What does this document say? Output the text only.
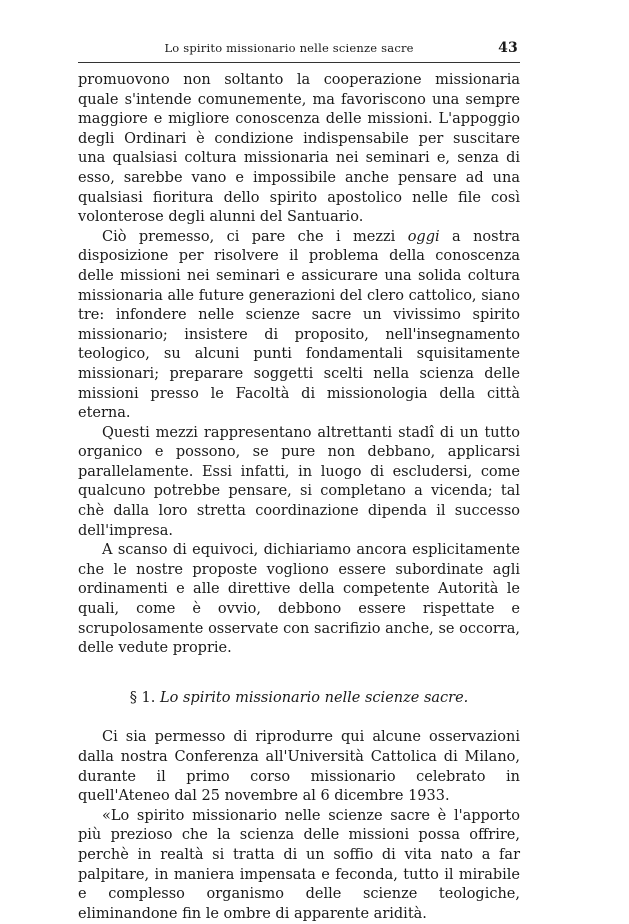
Lo spirito missionario nelle scienze sacre	43

promuovono non soltanto la cooperazione missionaria quale s'intende comunemente, ma favoriscono una sempre maggiore e migliore conoscenza delle missioni. L'appoggio degli Ordinari è condizione indispensabile per suscitare una qualsiasi coltura missionaria nei seminari e, senza di esso, sarebbe vano e impossibile anche pensare ad una qualsiasi fioritura dello spirito apostolico nelle file così volonterose degli alunni del Santuario.

Ciò premesso, ci pare che i mezzi oggi a nostra disposizione per risolvere il problema della conoscenza delle missioni nei seminari e assicurare una solida coltura missionaria alle future generazioni del clero cattolico, siano tre: infondere nelle scienze sacre un vivissimo spirito missionario; insistere di proposito, nell'insegnamento teologico, su alcuni punti fondamentali squisitamente missionari; preparare soggetti scelti nella scienza delle missioni presso le Facoltà di missionologia della città eterna.

Questi mezzi rappresentano altrettanti stadî di un tutto organico e possono, se pure non debbano, applicarsi parallelamente. Essi infatti, in luogo di escludersi, come qualcuno potrebbe pensare, si completano a vicenda; tal chè dalla loro stretta coordinazione dipenda il successo dell'impresa.

A scanso di equivoci, dichiariamo ancora esplicitamente che le nostre proposte vogliono essere subordinate agli ordinamenti e alle direttive della competente Autorità le quali, come è ovvio, debbono essere rispettate e scrupolosamente osservate con sacrifizio anche, se occorra, delle vedute proprie.

§ 1. Lo spirito missionario nelle scienze sacre.

Ci sia permesso di riprodurre qui alcune osservazioni dalla nostra Conferenza all'Università Cattolica di Milano, durante il primo corso missionario celebrato in quell'Ateneo dal 25 novembre al 6 dicembre 1933.

«Lo spirito missionario nelle scienze sacre è l'apporto più prezioso che la scienza delle missioni possa offrire, perchè in realtà si tratta di un soffio di vita nato a far palpitare, in maniera impensata e feconda, tutto il mirabile e complesso organismo delle scienze teologiche, eliminandone fin le ombre di apparente aridità.
